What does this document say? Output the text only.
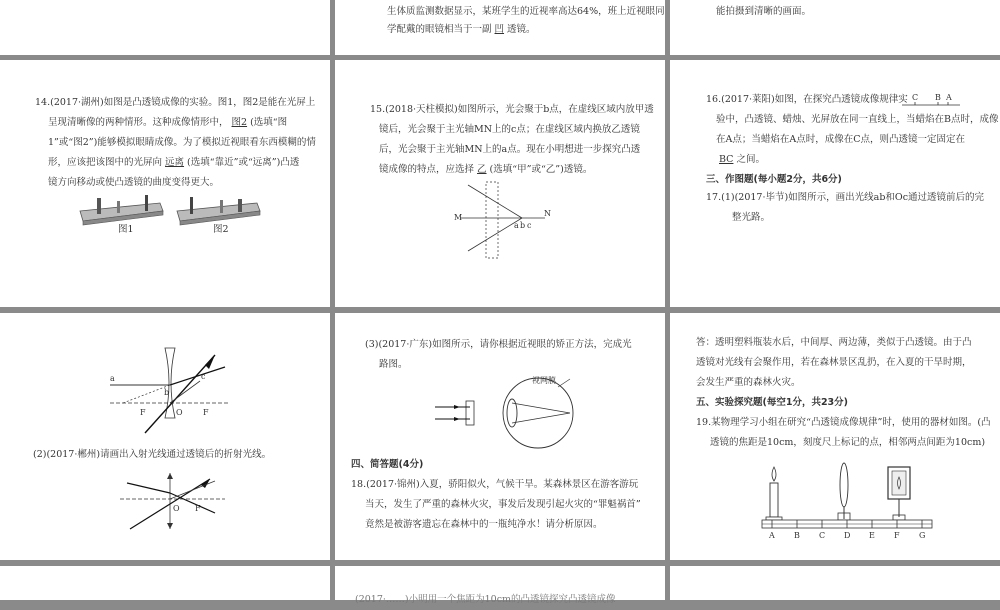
生体质监测数据显示，某班学生的近视率高达64%，班上近视眼同
学配戴的眼镜相当于一副 凹 透镜。
能拍摄到清晰的画面。
14.(2017·湖州)如图是凸透镜成像的实验。图1，图2是能在光屏上
呈现清晰像的两种情形。这种成像情形中， 图2 (选填“图
1”或“图2”)能够模拟眼睛成像。为了模拟近视眼看东西模糊的情
形，应该把该图中的光屏向 远离 (选填“靠近”或“远离”)凸透
镜方向移动或使凸透镜的曲度变得更大。
图1	图2
15.(2018·天柱模拟)如图所示，光会聚于b点，在虚线区域内放甲透
镜后，光会聚于主光轴MN上的c点；在虚线区域内换放乙透镜
后，光会聚于主光轴MN上的a点。现在小明想进一步探究凸透
镜成像的特点，应选择 乙 (选填“甲”或“乙”)透镜。
M	N
a b c
16.(2017·莱阳)如图，在探究凸透镜成像规律实 C B A
验中，凸透镜、蜡烛、光屏放在同一直线上，当蜡焰在B点时，成像
在A点；当蜡焰在A点时，成像在C点，则凸透镜一定固定在
BC 之间。
三、作图题(每小题2分，共6分)
17.(1)(2017·毕节)如图所示，画出光线ab和Oc通过透镜前后的完
整光路。
a
b
c
F	O	F
(2)(2017·郴州)请画出入射光线通过透镜后的折射光线。
O F
(3)(2017·广东)如图所示，请你根据近视眼的矫正方法，完成光
路图。
视网膜
四、简答题(4分)
18.(2017·锦州)入夏，骄阳似火，气候干旱。某森林景区在游客游玩
当天，发生了严重的森林火灾，事发后发现引起火灾的“罪魁祸首”
竟然是被游客遗忘在森林中的一瓶纯净水！请分析原因。
答：透明塑料瓶装水后，中间厚、两边薄，类似于凸透镜。由于凸
透镜对光线有会聚作用，若在森林景区乱扔，在入夏的干旱时期，
会发生严重的森林火灾。
五、实验探究题(每空1分，共23分)
19.某物理学习小组在研究“凸透镜成像规律”时，使用的器材如图。(凸
透镜的焦距是10cm，刻度尺上标记的点，相邻两点间距为10cm)
A B C D E F G
(2017·……)小明用一个焦距为10cm的凸透镜探究凸透镜成像
